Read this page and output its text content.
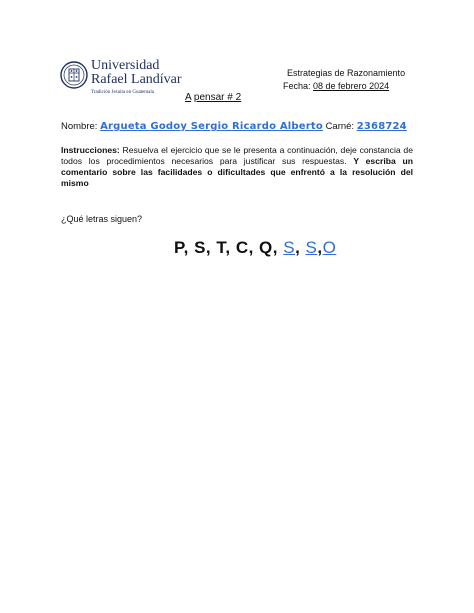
Universidad
Rafael Landívar
Tradición Jesuita en Guatemala
Estrategias de Razonamiento
Fecha: 08 de febrero 2024
A pensar # 2
Nombre: Argueta Godoy Sergio Ricardo Alberto Carné: 2368724
Instrucciones: Resuelva el ejercicio que se le presenta a continuación, deje constancia de todos los procedimientos necesarios para justificar sus respuestas. Y escriba un comentario sobre las facilidades o dificultades que enfrentó a la resolución del mismo
¿Qué letras siguen?
P, S, T, C, Q, S, S,O
